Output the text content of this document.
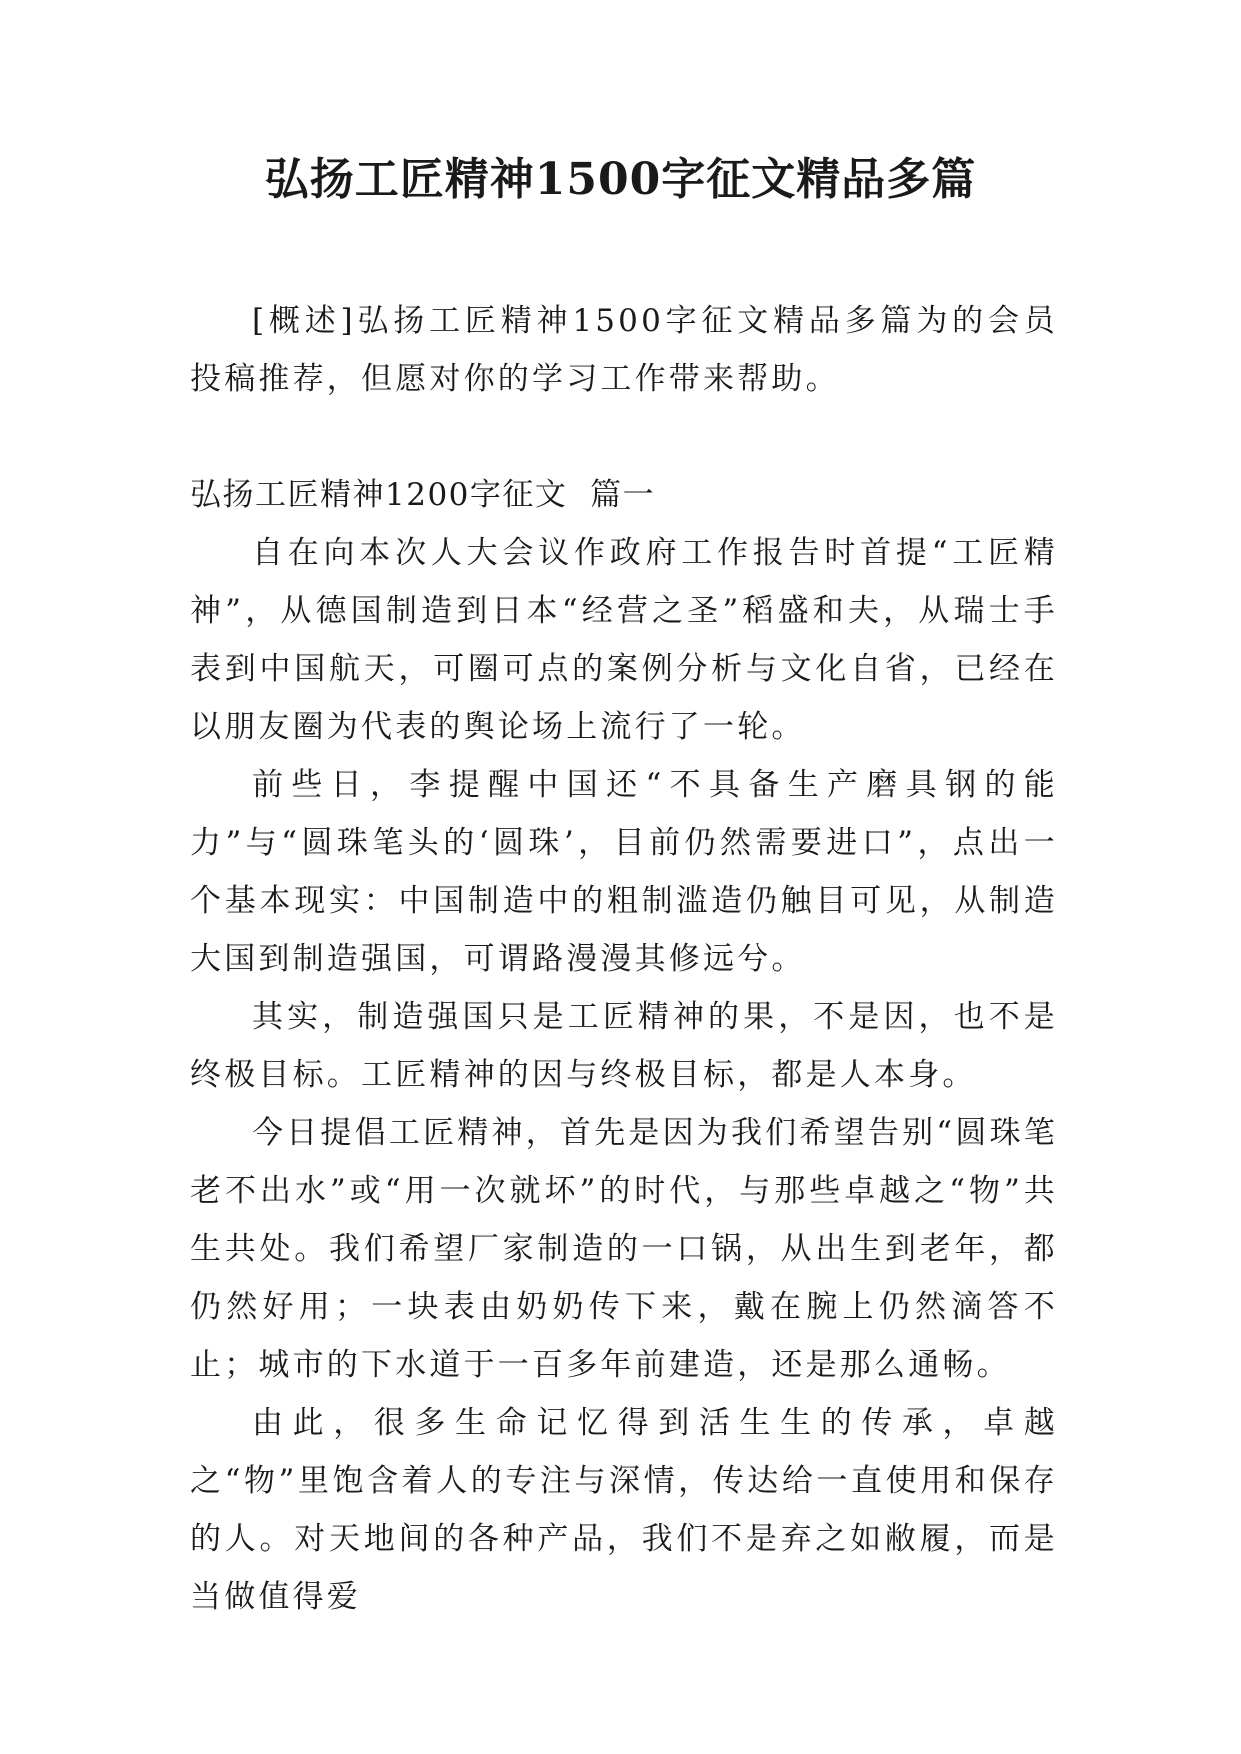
弘扬工匠精神1500字征文精品多篇

[概述]弘扬工匠精神1500字征文精品多篇为的会员投稿推荐，但愿对你的学习工作带来帮助。

弘扬工匠精神1200字征文  篇一

自在向本次人大会议作政府工作报告时首提“工匠精神”，从德国制造到日本“经营之圣”稻盛和夫，从瑞士手表到中国航天，可圈可点的案例分析与文化自省，已经在以朋友圈为代表的舆论场上流行了一轮。

前些日，李提醒中国还“不具备生产磨具钢的能力”与“圆珠笔头的‘圆珠’，目前仍然需要进口”，点出一个基本现实：中国制造中的粗制滥造仍触目可见，从制造大国到制造强国，可谓路漫漫其修远兮。

其实，制造强国只是工匠精神的果，不是因，也不是终极目标。工匠精神的因与终极目标，都是人本身。

今日提倡工匠精神，首先是因为我们希望告别“圆珠笔老不出水”或“用一次就坏”的时代，与那些卓越之“物”共生共处。我们希望厂家制造的一口锅，从出生到老年，都仍然好用；一块表由奶奶传下来，戴在腕上仍然滴答不止；城市的下水道于一百多年前建造，还是那么通畅。

由此，很多生命记忆得到活生生的传承，卓越之“物”里饱含着人的专注与深情，传达给一直使用和保存的人。对天地间的各种产品，我们不是弃之如敝履，而是当做值得爱
